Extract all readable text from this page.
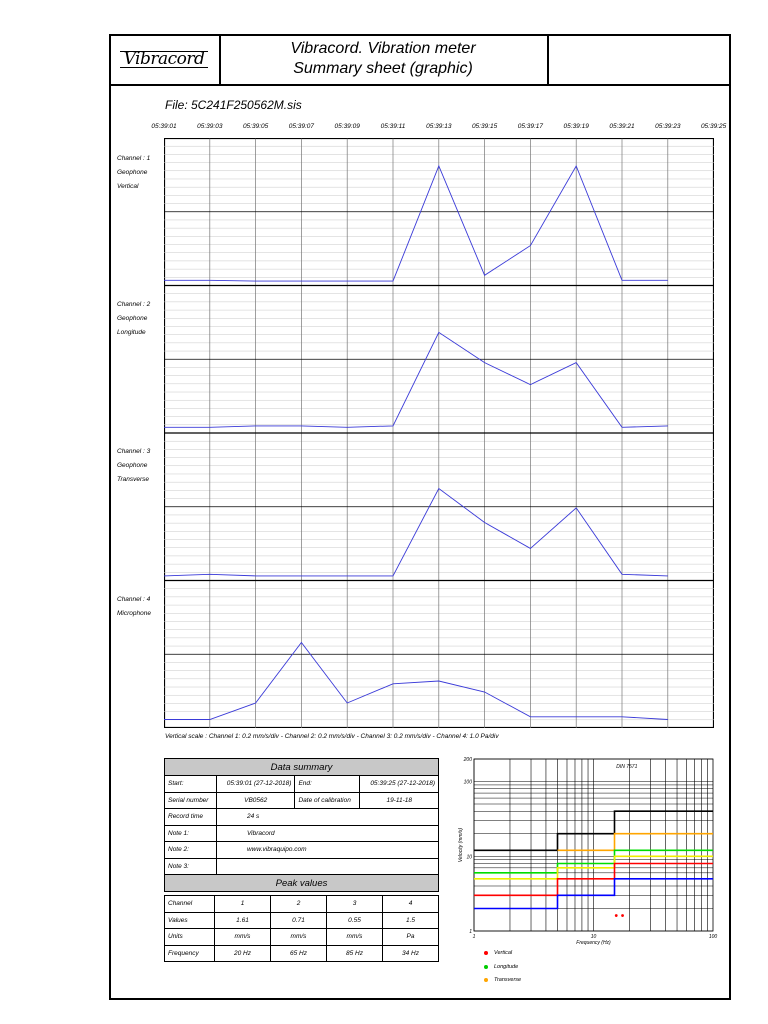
Vibracord	Vibracord. Vibration meter
Summary sheet (graphic)
File: 5C241F250562M.sis
05:39:01	05:39:03	05:39:05	05:39:07	05:39:09	05:39:11	05:39:13	05:39:15	05:39:17	05:39:19	05:39:21	05:39:23	05:39:25
Channel : 1
Geophone
Vertical
Channel : 2
Geophone
Longitude
Channel : 3
Geophone
Transverse
Channel : 4
Microphone
Vertical scale : Channel 1: 0.2 mm/s/div - Channel 2: 0.2 mm/s/div - Channel 3: 0.2 mm/s/div - Channel 4: 1.0 Pa/div
Data summary			
Start:	05:39:01 (27-12-2018)	End:	05:39:25 (27-12-2018)
Serial number	VB0562	Date of calibration	19-11-18
Record time	24 s		
Note 1:	Vibracord		
Note 2:	www.vibraquipo.com		
Note 3:			
Peak values			
Channel	1	2	3	4
Values	1.61	0.71	0.55	1.5
Units	mm/s	mm/s	mm/s	Pa
Frequency	20 Hz	65 Hz	85 Hz	34 Hz
DIN 7571
200
100
10
1
1	10	100
Frequency (Hz)
Velocity (mm/s)
Vertical
Longitude
Transverse
